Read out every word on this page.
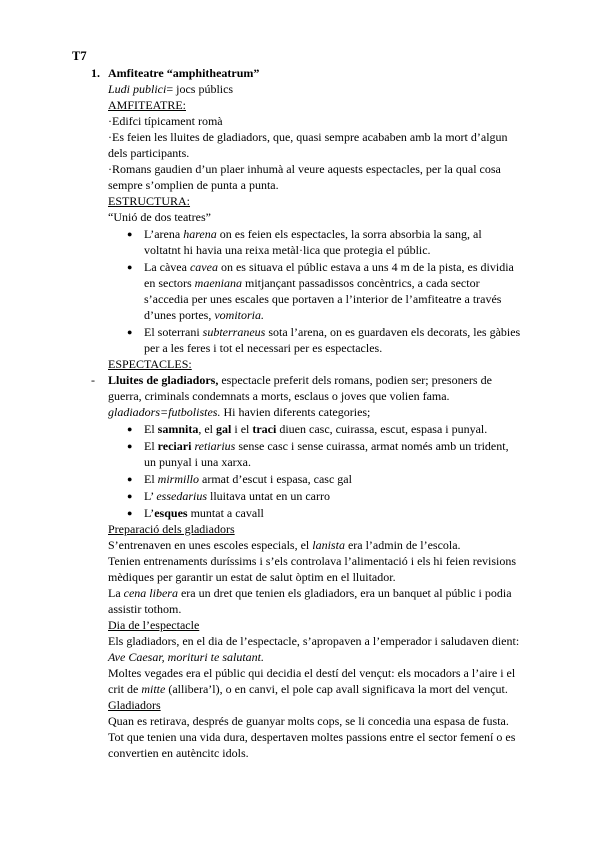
T7
1. Amfiteatre “amphitheatrum”
Ludi publici= jocs públics
AMFITEATRE:
·Edifci típicament romà
·Es feien les lluites de gladiadors, que, quasi sempre acababen amb la mort d’algun
dels participants.
·Romans gaudien d’un plaer inhumà al veure aquests espectacles, per la qual cosa
sempre s’omplien de punta a punta.
ESTRUCTURA:
“Unió de dos teatres”
● L’arena harena on es feien els espectacles, la sorra absorbia la sang, al
voltatnt hi havia una reixa metàl·lica que protegia el públic.
● La càvea cavea on es situava el públic estava a uns 4 m de la pista, es dividia
en sectors maeniana mitjançant passadissos concèntrics, a cada sector
s’accedia per unes escales que portaven a l’interior de l’amfiteatre a través
d’unes portes, vomitoria.
● El soterrani subterraneus sota l’arena, on es guardaven els decorats, les gàbies
per a les feres i tot el necessari per es espectacles.
ESPECTACLES:
- Lluites de gladiadors, espectacle preferit dels romans, podien ser; presoners de
guerra, criminals condemnats a morts, esclaus o joves que volien fama.
gladiadors=futbolistes. Hi havien diferents categories;
● El samnita, el gal i el traci diuen casc, cuirassa, escut, espasa i punyal.
● El reciari retiarius sense casc i sense cuirassa, armat només amb un trident,
un punyal i una xarxa.
● El mirmillo armat d’escut i espasa, casc gal
● L’ essedarius lluitava untat en un carro
● L’esques muntat a cavall
Preparació dels gladiadors
S’entrenaven en unes escoles especials, el lanista era l’admin de l’escola.
Tenien entrenaments duríssims i s’els controlava l’alimentació i els hi feien revisions
mèdiques per garantir un estat de salut òptim en el lluitador.
La cena libera era un dret que tenien els gladiadors, era un banquet al públic i podia
assistir tothom.
Dia de l’espectacle
Els gladiadors, en el dia de l’espectacle, s’apropaven a l’emperador i saludaven dient:
Ave Caesar, morituri te salutant.
Moltes vegades era el públic qui decidia el destí del vençut: els mocadors a l’aire i el
crit de mitte (allibera’l), o en canvi, el pole cap avall significava la mort del vençut.
Gladiadors
Quan es retirava, després de guanyar molts cops, se li concedia una espasa de fusta.
Tot que tenien una vida dura, despertaven moltes passions entre el sector femení o es
convertien en autèncitc idols.
